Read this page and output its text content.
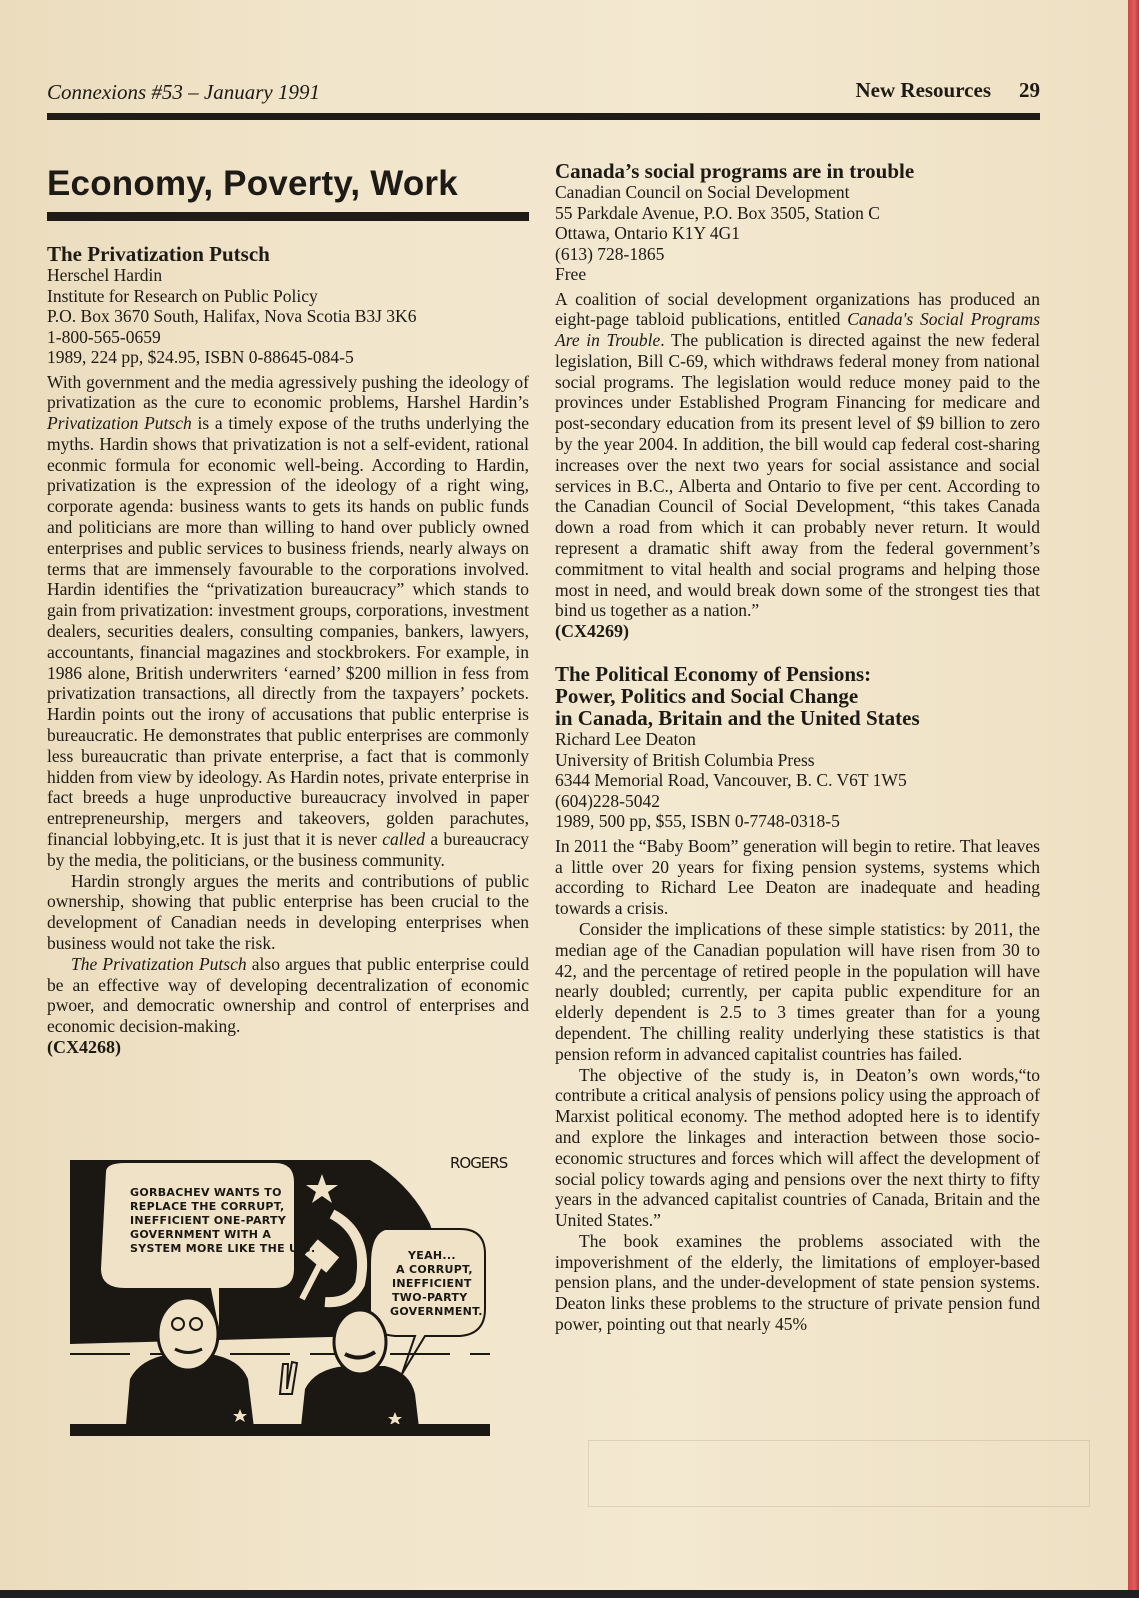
Connexions #53 – January 1991	New Resources 29
Economy, Poverty, Work
The Privatization Putsch
Herschel Hardin
Institute for Research on Public Policy
P.O. Box 3670 South, Halifax, Nova Scotia B3J 3K6
1-800-565-0659
1989, 224 pp, $24.95, ISBN 0-88645-084-5

With government and the media agressively pushing the ideology of privatization as the cure to economic problems, Harshel Hardin’s Privatization Putsch is a timely expose of the truths underlying the myths. Hardin shows that privatization is not a self-evident, rational econmic formula for economic well-being. According to Hardin, privatization is the expression of the ideology of a right wing, corporate agenda: business wants to gets its hands on public funds and politicians are more than willing to hand over publicly owned enterprises and public services to business friends, nearly always on terms that are immensely favourable to the corporations involved. Hardin identifies the “privatization bureaucracy” which stands to gain from privatization: investment groups, corporations, investment dealers, securities dealers, consulting companies, bankers, lawyers, accountants, financial magazines and stockbrokers. For example, in 1986 alone, British underwriters ‘earned’ $200 million in fess from privatization transactions, all directly from the taxpayers’ pockets. Hardin points out the irony of accusations that public enterprise is bureaucratic. He demonstrates that public enterprises are commonly less bureaucratic than private enterprise, a fact that is commonly hidden from view by ideology. As Hardin notes, private enterprise in fact breeds a huge unproductive bureaucracy involved in paper entrepreneurship, mergers and takeovers, golden parachutes, financial lobbying,etc. It is just that it is never called a bureaucracy by the media, the politicians, or the business community.

Hardin strongly argues the merits and contributions of public ownership, showing that public enterprise has been crucial to the development of Canadian needs in developing enterprises when business would not take the risk.

The Privatization Putsch also argues that public enterprise could be an effective way of developing decentralization of economic pwoer, and democratic ownership and control of enterprises and economic decision-making.

(CX4268)
GORBACHEV WANTS TO
REPLACE THE CORRUPT,
INEFFICIENT ONE-PARTY
GOVERNMENT WITH A
SYSTEM MORE LIKE THE U.S.
YEAH...
A CORRUPT,
INEFFICIENT
TWO-PARTY
GOVERNMENT.
ROGERS
Canada’s social programs are in trouble
Canadian Council on Social Development
55 Parkdale Avenue, P.O. Box 3505, Station C
Ottawa, Ontario K1Y 4G1
(613) 728-1865
Free

A coalition of social development organizations has produced an eight-page tabloid publications, entitled Canada's Social Programs Are in Trouble. The publication is directed against the new federal legislation, Bill C-69, which withdraws federal money from national social programs. The legislation would reduce money paid to the provinces under Established Program Financing for medicare and post-secondary education from its present level of $9 billion to zero by the year 2004. In addition, the bill would cap federal cost-sharing increases over the next two years for social assistance and social services in B.C., Alberta and Ontario to five per cent. According to the Canadian Council of Social Development, “this takes Canada down a road from which it can probably never return. It would represent a dramatic shift away from the federal government’s commitment to vital health and social programs and helping those most in need, and would break down some of the strongest ties that bind us together as a nation.”

(CX4269)
The Political Economy of Pensions:
Power, Politics and Social Change
in Canada, Britain and the United States
Richard Lee Deaton
University of British Columbia Press
6344 Memorial Road, Vancouver, B. C. V6T 1W5
(604)228-5042
1989, 500 pp, $55, ISBN 0-7748-0318-5

In 2011 the “Baby Boom” generation will begin to retire. That leaves a little over 20 years for fixing pension systems, systems which according to Richard Lee Deaton are inadequate and heading towards a crisis.

Consider the implications of these simple statistics: by 2011, the median age of the Canadian population will have risen from 30 to 42, and the percentage of retired people in the population will have nearly doubled; currently, per capita public expenditure for an elderly dependent is 2.5 to 3 times greater than for a young dependent. The chilling reality underlying these statistics is that pension reform in advanced capitalist countries has failed.

The objective of the study is, in Deaton’s own words,“to contribute a critical analysis of pensions policy using the approach of Marxist political economy. The method adopted here is to identify and explore the linkages and interaction between those socio-economic structures and forces which will affect the development of social policy towards aging and pensions over the next thirty to fifty years in the advanced capitalist countries of Canada, Britain and the United States.”

The book examines the problems associated with the impoverishment of the elderly, the limitations of employer-based pension plans, and the under-development of state pension systems. Deaton links these problems to the structure of private pension fund power, pointing out that nearly 45%
